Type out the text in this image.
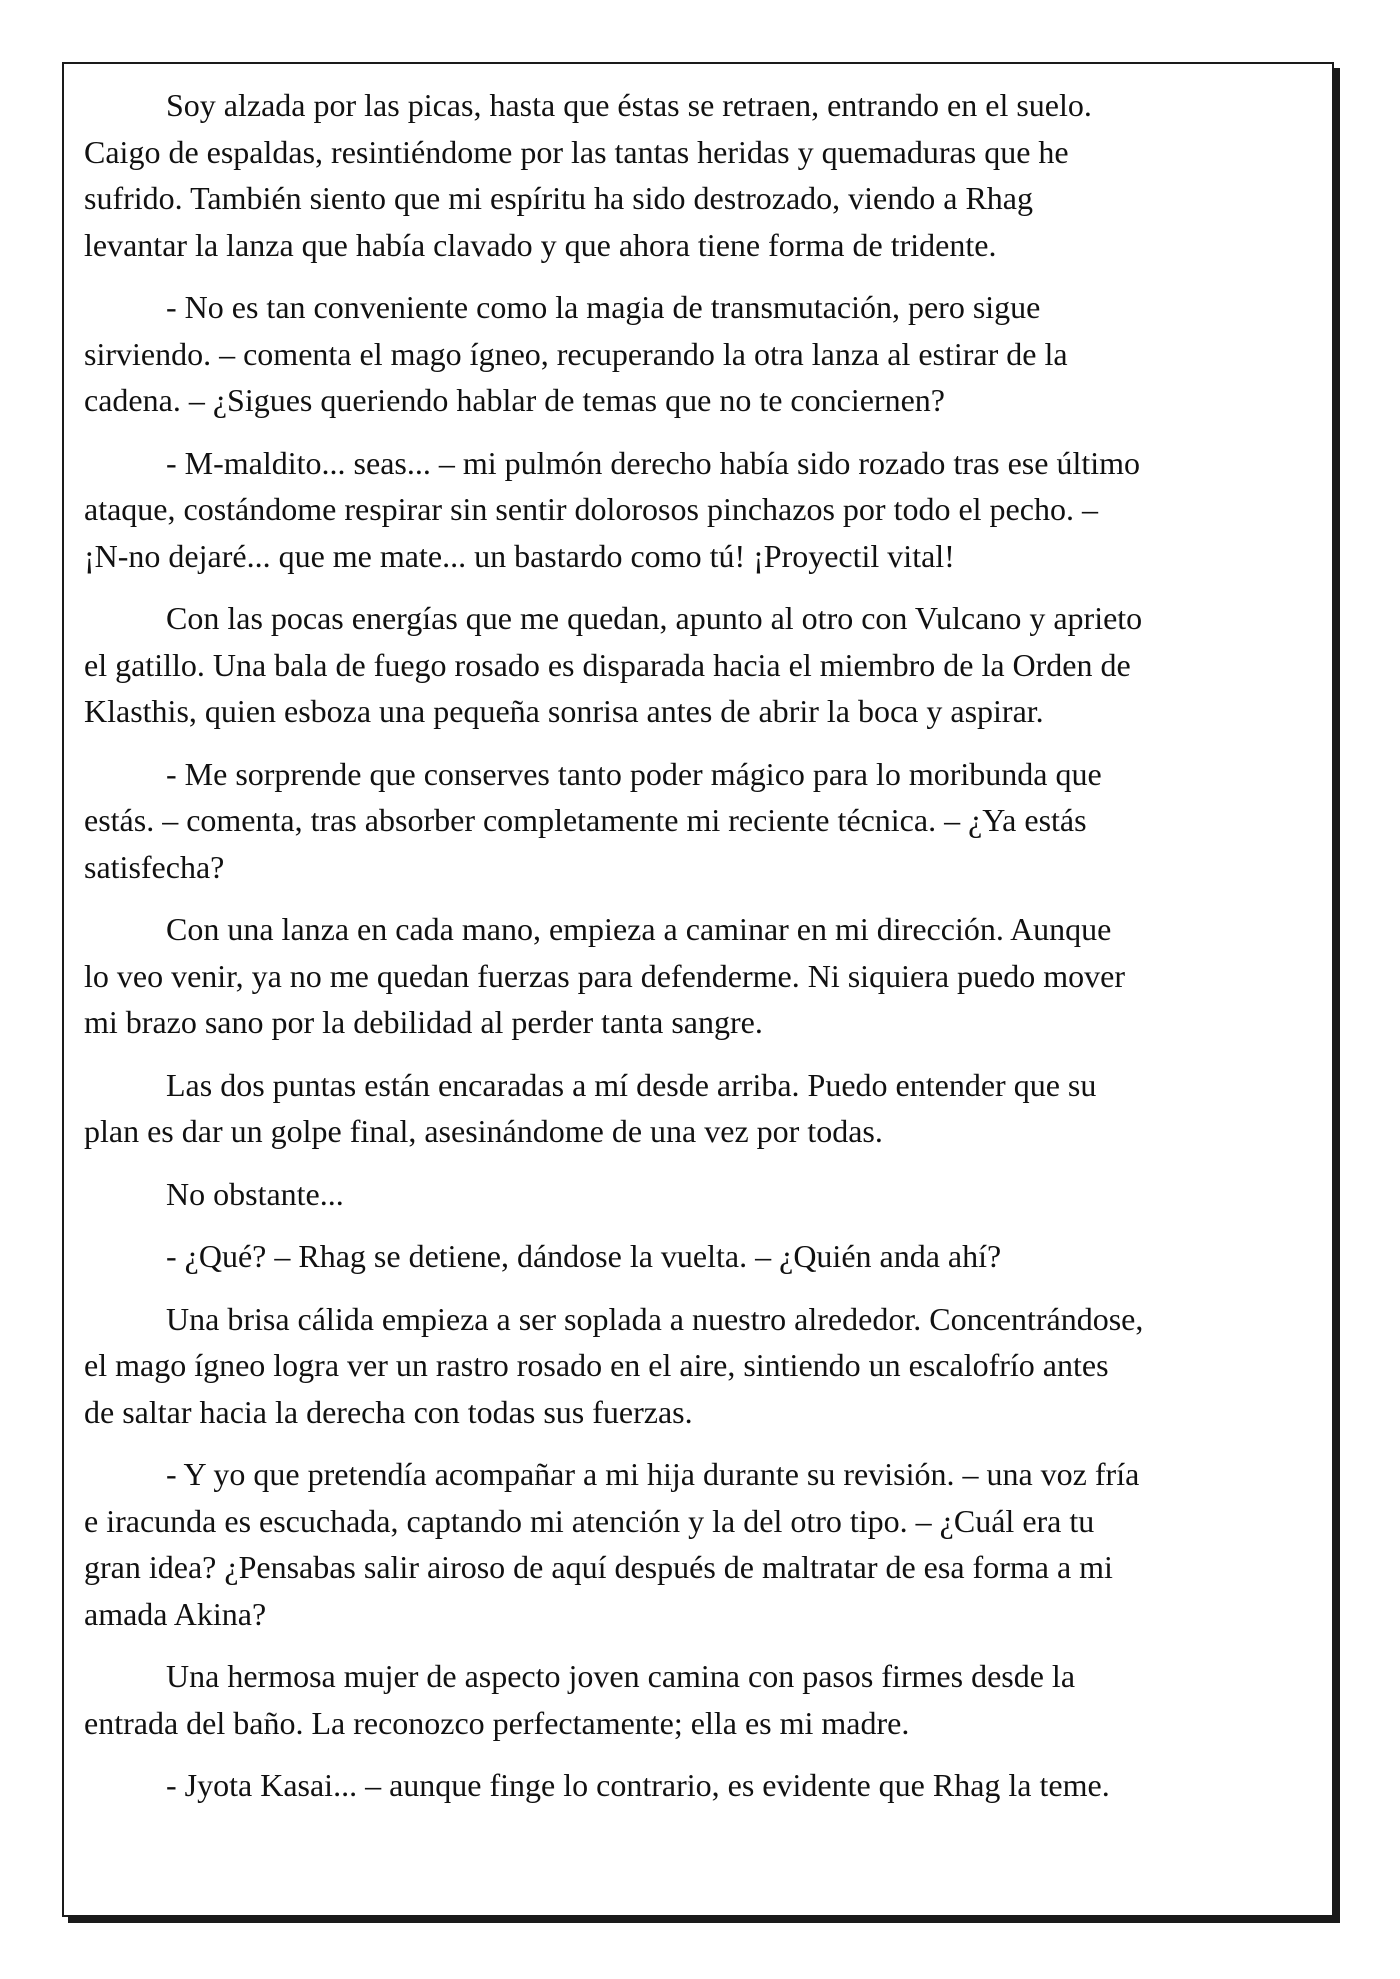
Soy alzada por las picas, hasta que éstas se retraen, entrando en el suelo.
Caigo de espaldas, resintiéndome por las tantas heridas y quemaduras que he
sufrido. También siento que mi espíritu ha sido destrozado, viendo a Rhag
levantar la lanza que había clavado y que ahora tiene forma de tridente.

- No es tan conveniente como la magia de transmutación, pero sigue
sirviendo. – comenta el mago ígneo, recuperando la otra lanza al estirar de la
cadena. – ¿Sigues queriendo hablar de temas que no te conciernen?

- M-maldito... seas... – mi pulmón derecho había sido rozado tras ese último
ataque, costándome respirar sin sentir dolorosos pinchazos por todo el pecho. –
¡N-no dejaré... que me mate... un bastardo como tú! ¡Proyectil vital!

Con las pocas energías que me quedan, apunto al otro con Vulcano y aprieto
el gatillo. Una bala de fuego rosado es disparada hacia el miembro de la Orden de
Klasthis, quien esboza una pequeña sonrisa antes de abrir la boca y aspirar.

- Me sorprende que conserves tanto poder mágico para lo moribunda que
estás. – comenta, tras absorber completamente mi reciente técnica. – ¿Ya estás
satisfecha?

Con una lanza en cada mano, empieza a caminar en mi dirección. Aunque
lo veo venir, ya no me quedan fuerzas para defenderme. Ni siquiera puedo mover
mi brazo sano por la debilidad al perder tanta sangre.

Las dos puntas están encaradas a mí desde arriba. Puedo entender que su
plan es dar un golpe final, asesinándome de una vez por todas.

No obstante...

- ¿Qué? – Rhag se detiene, dándose la vuelta. – ¿Quién anda ahí?

Una brisa cálida empieza a ser soplada a nuestro alrededor. Concentrándose,
el mago ígneo logra ver un rastro rosado en el aire, sintiendo un escalofrío antes
de saltar hacia la derecha con todas sus fuerzas.

- Y yo que pretendía acompañar a mi hija durante su revisión. – una voz fría
e iracunda es escuchada, captando mi atención y la del otro tipo. – ¿Cuál era tu
gran idea? ¿Pensabas salir airoso de aquí después de maltratar de esa forma a mi
amada Akina?

Una hermosa mujer de aspecto joven camina con pasos firmes desde la
entrada del baño. La reconozco perfectamente; ella es mi madre.

- Jyota Kasai... – aunque finge lo contrario, es evidente que Rhag la teme.
